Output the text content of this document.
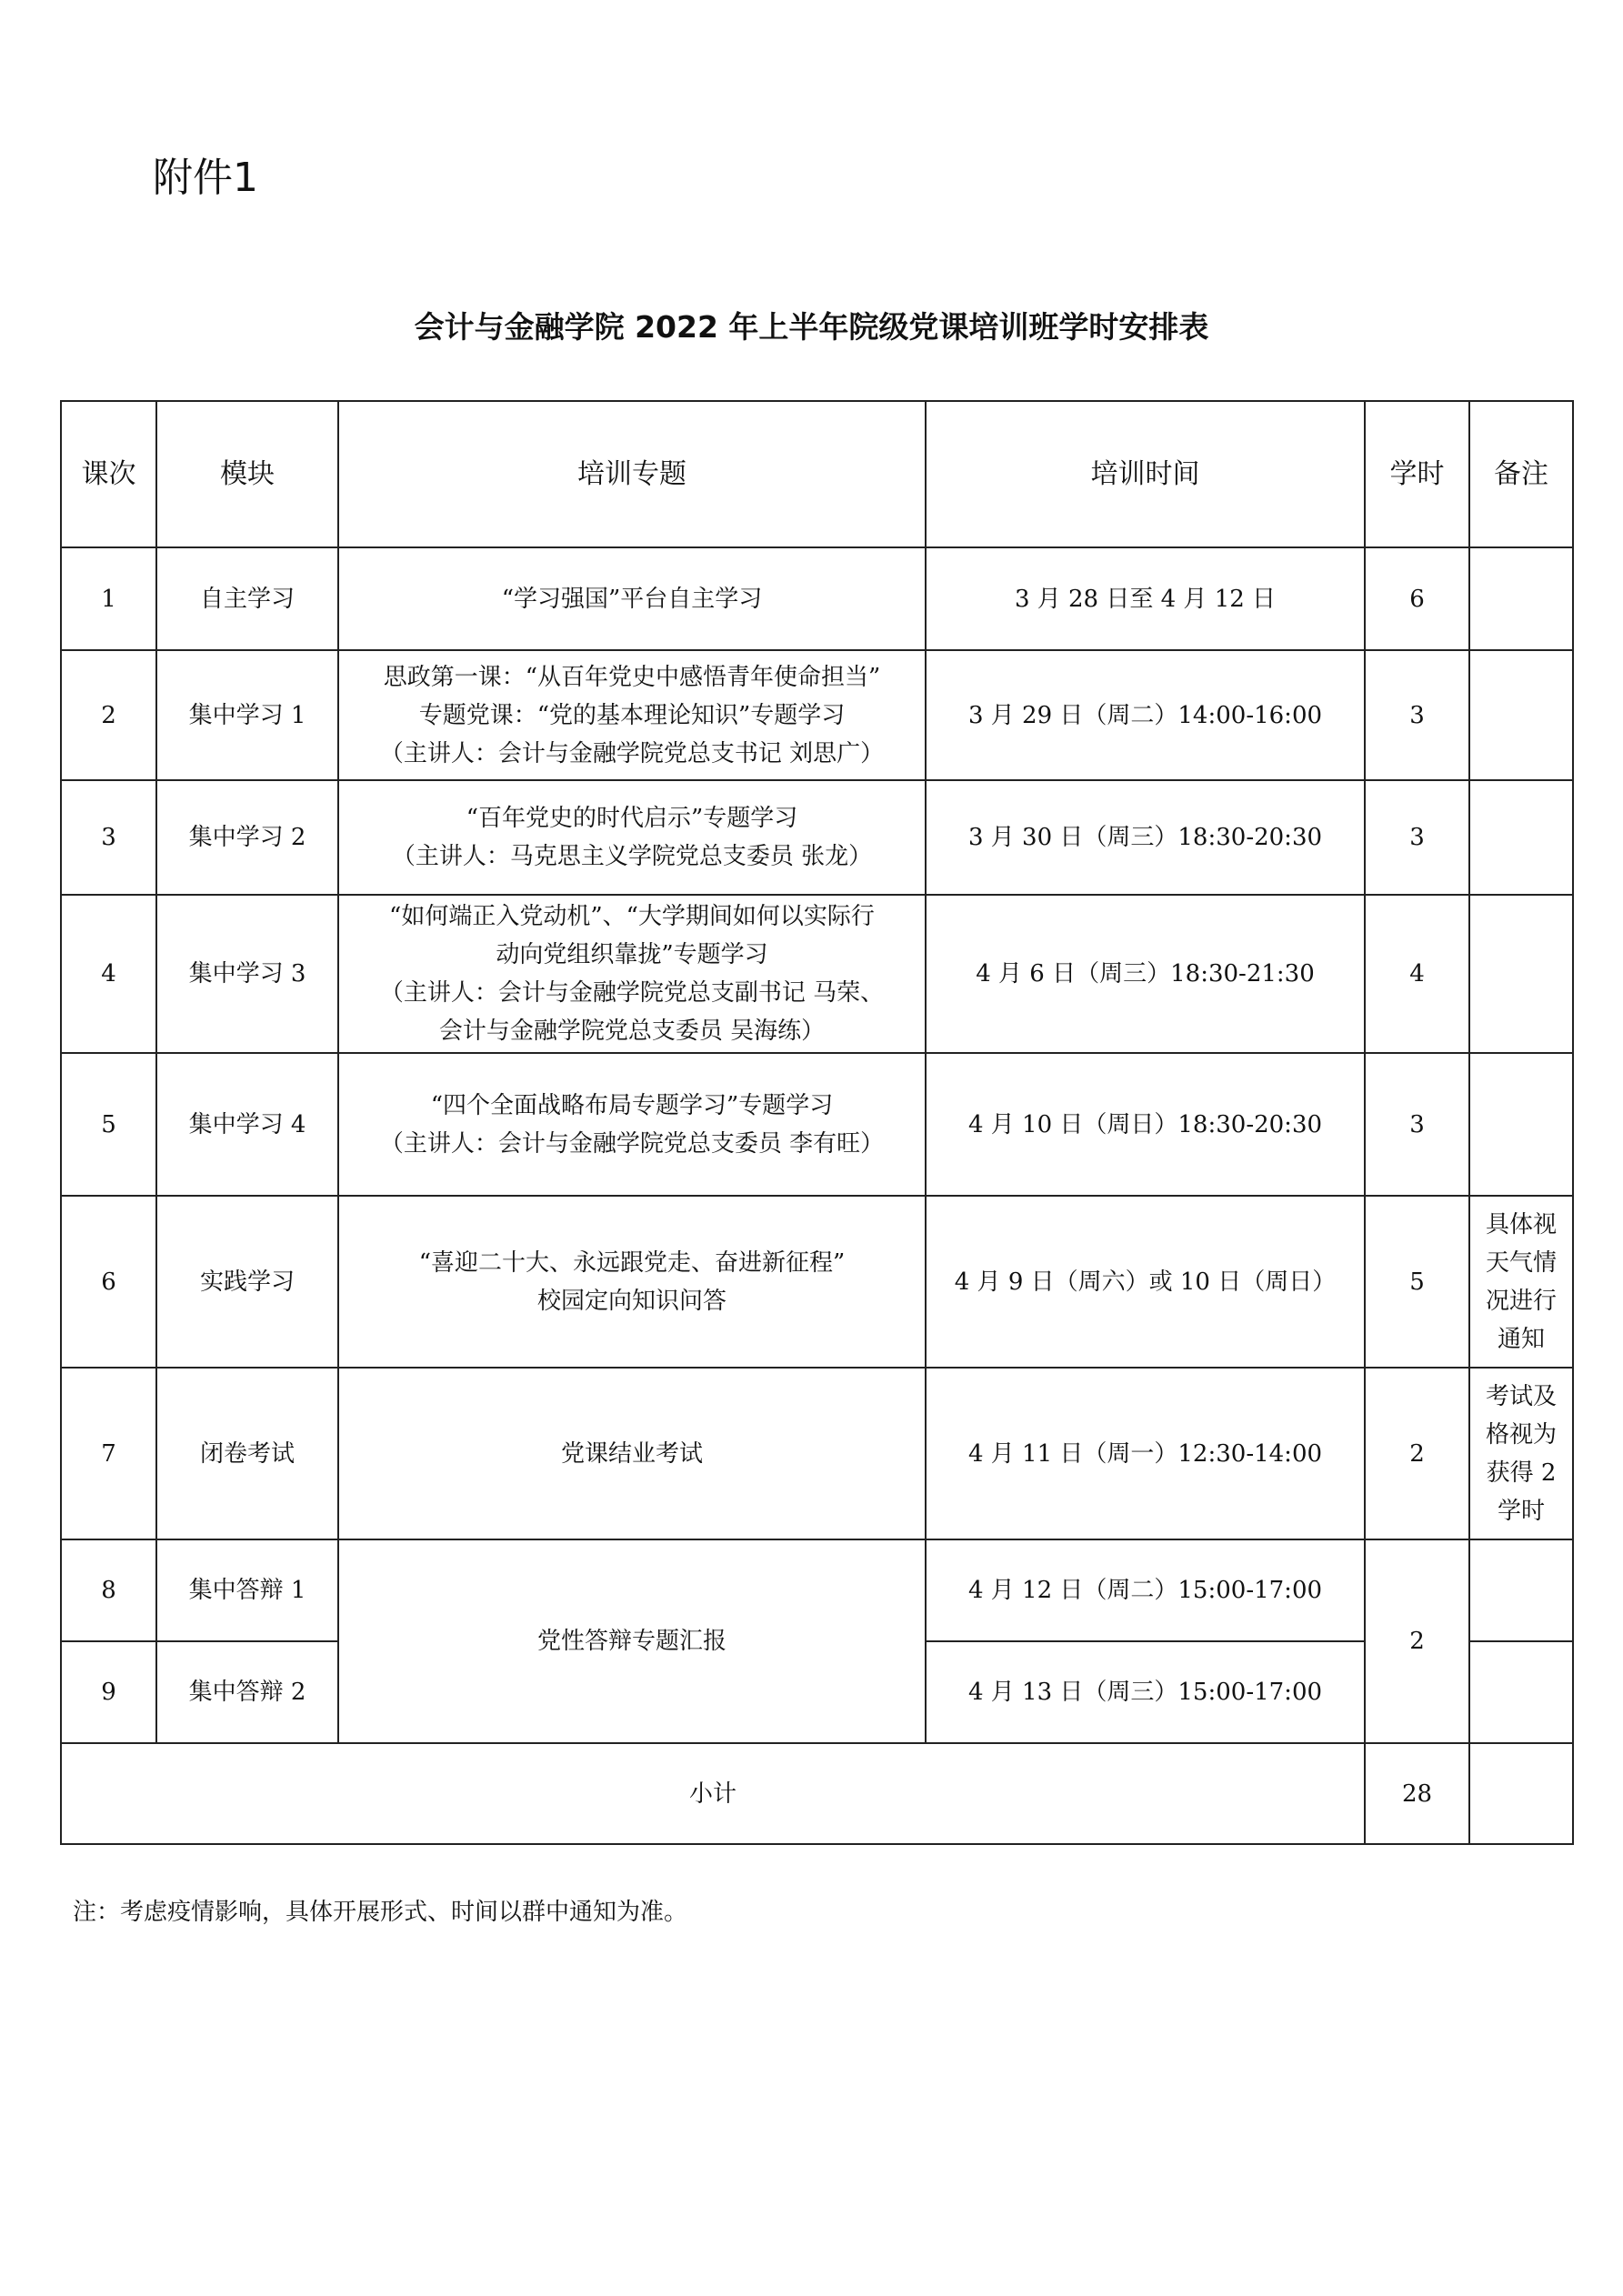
附件1
会计与金融学院 2022 年上半年院级党课培训班学时安排表
课次	模块	培训专题	培训时间	学时	备注
1	自主学习	“学习强国”平台自主学习	3 月 28 日至 4 月 12 日	6	
2	集中学习 1	思政第一课：“从百年党史中感悟青年使命担当”
专题党课：“党的基本理论知识”专题学习
（主讲人：会计与金融学院党总支书记 刘思广）	3 月 29 日（周二）14:00-16:00	3	
3	集中学习 2	“百年党史的时代启示”专题学习
（主讲人：马克思主义学院党总支委员 张龙）	3 月 30 日（周三）18:30-20:30	3	
4	集中学习 3	“如何端正入党动机”、“大学期间如何以实际行
动向党组织靠拢”专题学习
（主讲人：会计与金融学院党总支副书记 马荣、
会计与金融学院党总支委员 吴海练）	4 月 6 日（周三）18:30-21:30	4	
5	集中学习 4	“四个全面战略布局专题学习”专题学习
（主讲人：会计与金融学院党总支委员 李有旺）	4 月 10 日（周日）18:30-20:30	3	
6	实践学习	“喜迎二十大、永远跟党走、奋进新征程”
校园定向知识问答	4 月 9 日（周六）或 10 日（周日）	5	具体视
天气情
况进行
通知

7	闭卷考试	党课结业考试	4 月 11 日（周一）12:30-14:00	2	考试及
格视为
获得 2
学时

8	集中答辩 1	党性答辩专题汇报	4 月 12 日（周二）15:00-17:00	2	
9	集中答辩 2		4 月 13 日（周三）15:00-17:00		
小计				28	
注：考虑疫情影响，具体开展形式、时间以群中通知为准。
